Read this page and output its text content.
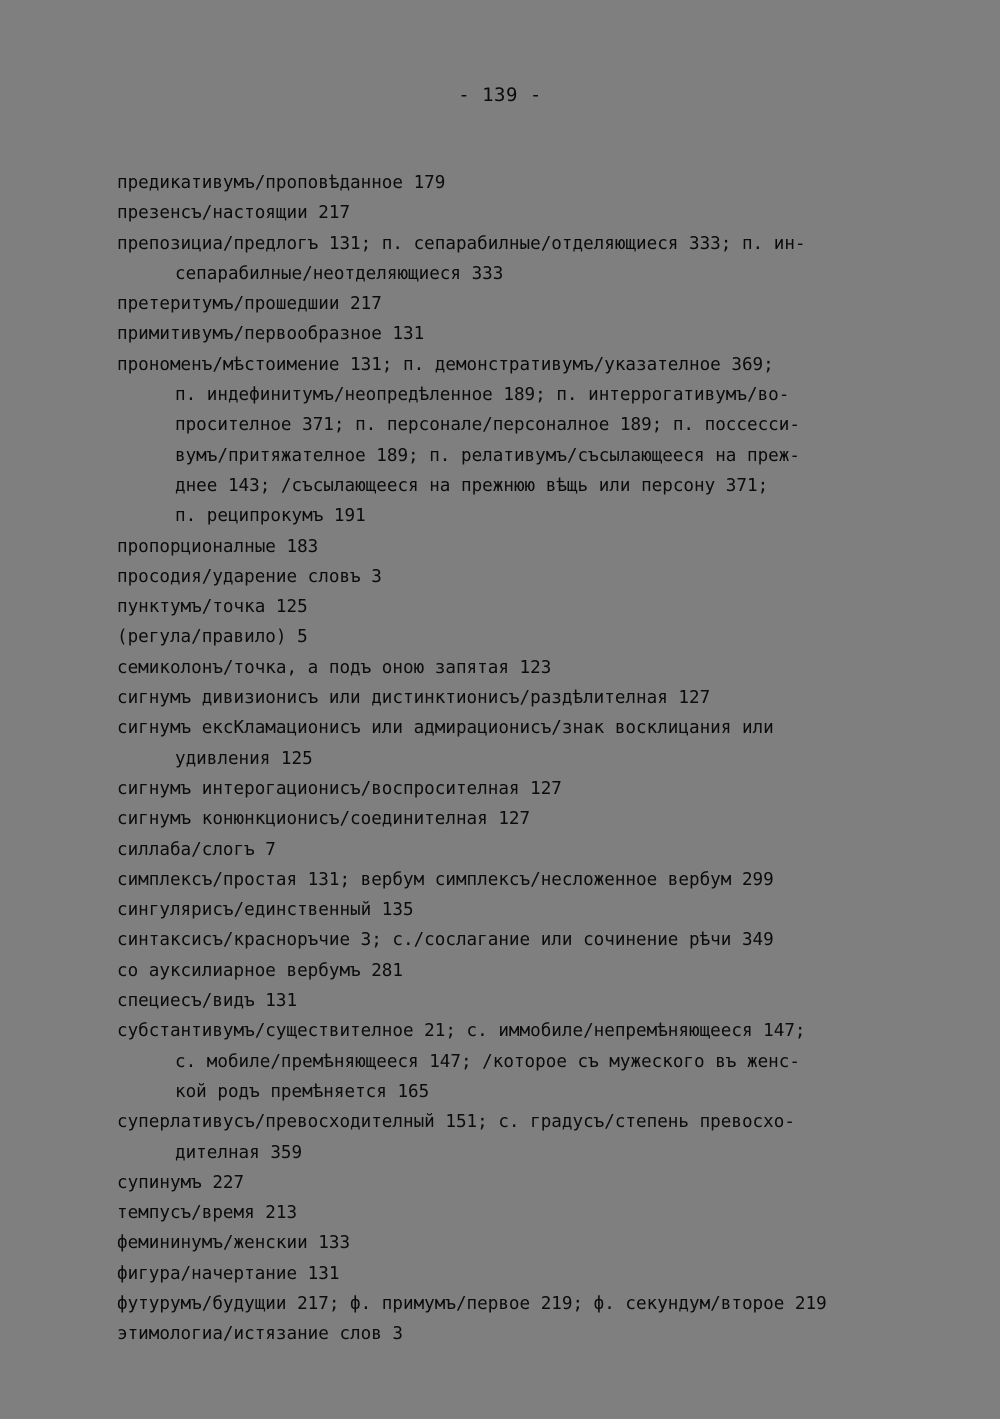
- 139 -
предикативумъ/проповѣданное 179
презенсъ/настоящии 217
препозициа/предлогъ 131; п. сепарабилные/отделяющиеся 333; п. ин-
сепарабилные/неотделяющиеся 333
претеритумъ/прошедшии 217
примитивумъ/первообразное 131
прономенъ/мѣстоимение 131; п. демонстративумъ/указателное 369;
п. индефинитумъ/неопредѣленное 189; п. интеррогативумъ/во-
просителное 371; п. персонале/персоналное 189; п. поссесси-
вумъ/притяжателное 189; п. релативумъ/съсылающееся на преж-
днее 143; /съсылающееся на прежнюю вѣщь или персону 371;
п. реципрокумъ 191
пропорционалные 183
просодия/ударение словъ 3
пунктумъ/точка 125
(регула/правило) 5
семиколонъ/точка, а подъ оною запятая 123
сигнумъ дивизионисъ или дистинктионисъ/раздѣлителная 127
сигнумъ ексКламационисъ или адмирационисъ/знак восклицания или
удивления 125
сигнумъ интерогационисъ/воспросителная 127
сигнумъ конюнкционисъ/соединителная 127
силлаба/слогъ 7
симплексъ/простая 131; вербум симплексъ/несложенное вербум 299
сингулярисъ/единственный 135
синтаксисъ/красноръчие 3; с./сослагание или сочинение рѣчи 349
со ауксилиарное вербумъ 281
специесъ/видъ 131
субстантивумъ/существителное 21; с. иммобиле/непремѣняющееся 147;
с. мобиле/премѣняющееся 147; /которое съ мужеского въ женс-
кой родъ премѣняется 165
суперлативусъ/превосходителный 151; с. градусъ/степень превосхо-
дителная 359
супинумъ 227
темпусъ/время 213
фемининумъ/женскии 133
фигура/начертание 131
футурумъ/будущии 217; ф. примумъ/первое 219; ф. секундум/второе 219
этимологиа/истязание слов 3
